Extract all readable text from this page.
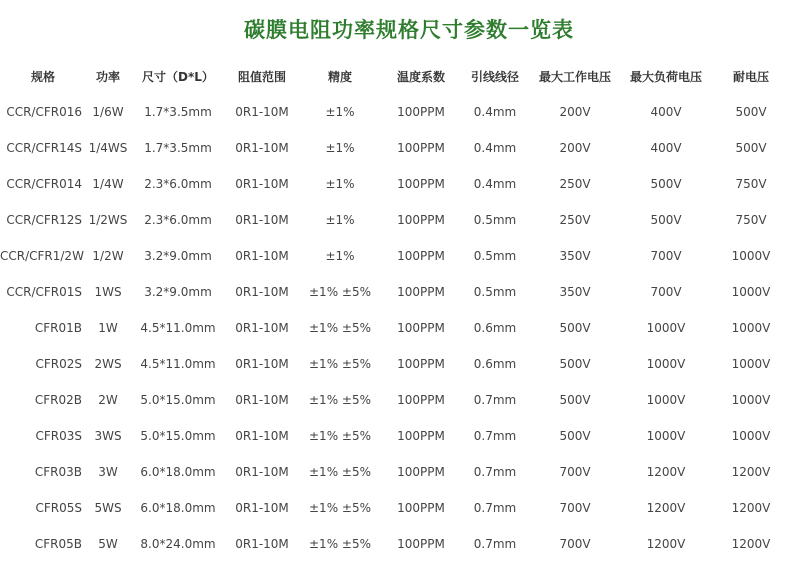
碳膜电阻功率规格尺寸参数一览表
规格	功率	尺寸（D*L）	阻值范围	精度	温度系数	引线线径	最大工作电压	最大负荷电压	耐电压
CCR/CFR016	1/6W	1.7*3.5mm	0R1-10M	±1%	100PPM	0.4mm	200V	400V	500V
CCR/CFR14S	1/4WS	1.7*3.5mm	0R1-10M	±1%	100PPM	0.4mm	200V	400V	500V
CCR/CFR014	1/4W	2.3*6.0mm	0R1-10M	±1%	100PPM	0.4mm	250V	500V	750V
CCR/CFR12S	1/2WS	2.3*6.0mm	0R1-10M	±1%	100PPM	0.5mm	250V	500V	750V
CCR/CFR1/2W	1/2W	3.2*9.0mm	0R1-10M	±1%	100PPM	0.5mm	350V	700V	1000V
CCR/CFR01S	1WS	3.2*9.0mm	0R1-10M	±1% ±5%	100PPM	0.5mm	350V	700V	1000V
CFR01B	1W	4.5*11.0mm	0R1-10M	±1% ±5%	100PPM	0.6mm	500V	1000V	1000V
CFR02S	2WS	4.5*11.0mm	0R1-10M	±1% ±5%	100PPM	0.6mm	500V	1000V	1000V
CFR02B	2W	5.0*15.0mm	0R1-10M	±1% ±5%	100PPM	0.7mm	500V	1000V	1000V
CFR03S	3WS	5.0*15.0mm	0R1-10M	±1% ±5%	100PPM	0.7mm	500V	1000V	1000V
CFR03B	3W	6.0*18.0mm	0R1-10M	±1% ±5%	100PPM	0.7mm	700V	1200V	1200V
CFR05S	5WS	6.0*18.0mm	0R1-10M	±1% ±5%	100PPM	0.7mm	700V	1200V	1200V
CFR05B	5W	8.0*24.0mm	0R1-10M	±1% ±5%	100PPM	0.7mm	700V	1200V	1200V
